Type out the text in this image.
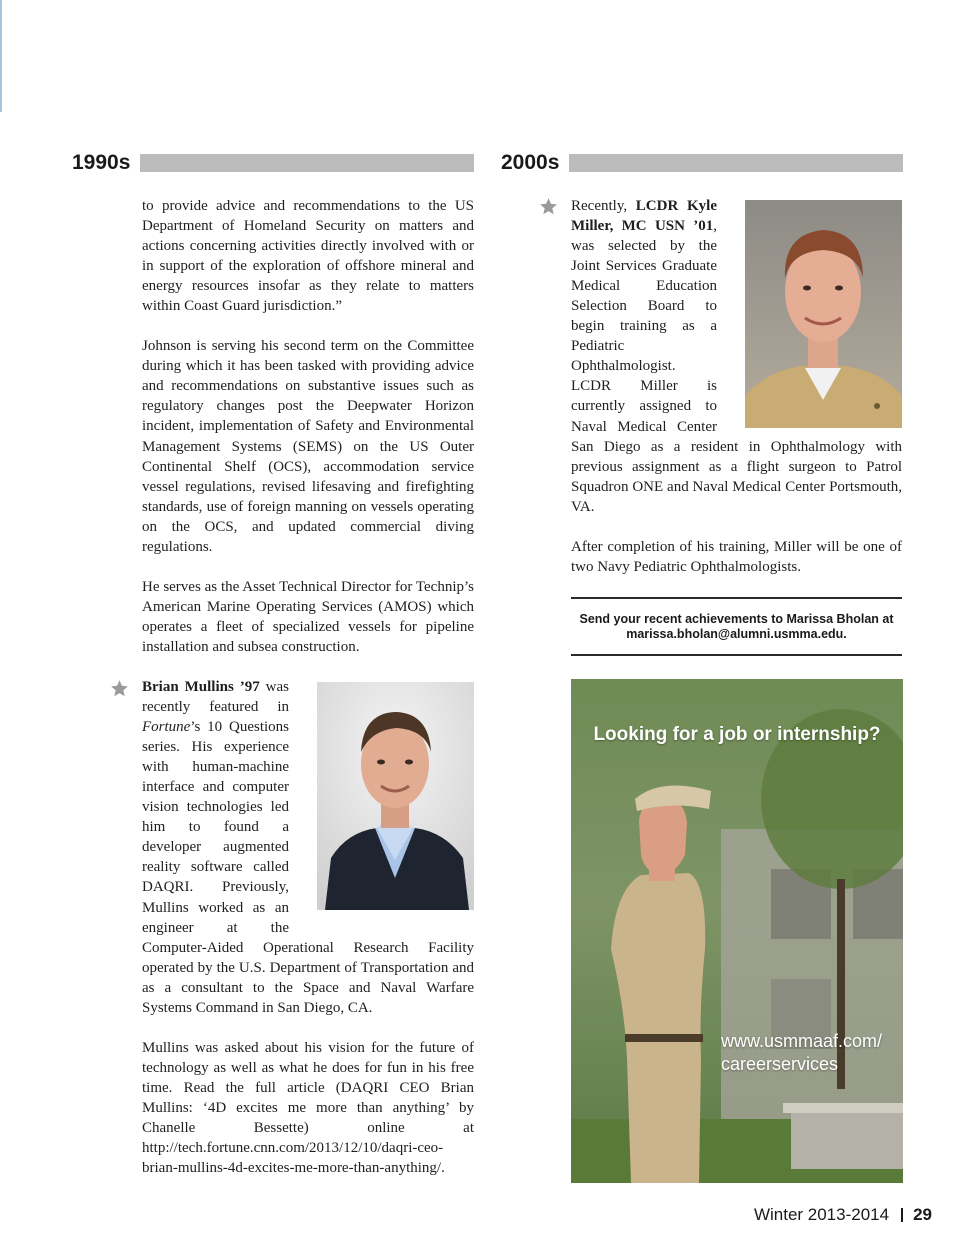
1990s	2000s

to provide advice and recommendations to the US Department of Homeland Security on matters and actions concerning activities directly involved with or in support of the exploration of offshore mineral and energy resources insofar as they relate to matters within Coast Guard jurisdiction.”

Johnson is serving his second term on the Committee during which it has been tasked with providing advice and recommendations on substantive issues such as regulatory changes post the Deepwater Horizon incident, implementation of Safety and Environmental Management Systems (SEMS) on the US Outer Continental Shelf (OCS), accommodation service vessel regulations, revised lifesaving and firefighting standards, use of foreign manning on vessels operating on the OCS, and updated commercial diving regulations.

He serves as the Asset Technical Director for Technip’s American Marine Operating Services (AMOS) which operates a fleet of specialized vessels for pipeline installation and subsea construction.

Brian Mullins ’97 was recently featured in Fortune’s 10 Questions series. His experience with human-machine interface and computer vision technologies led him to found a developer augmented reality software called DAQRI. Previously, Mullins worked as an engineer at the Computer-Aided Operational Research Facility operated by the U.S. Department of Transportation and as a consultant to the Space and Naval Warfare Systems Command in San Diego, CA.

Mullins was asked about his vision for the future of technology as well as what he does for fun in his free time. Read the full article (DAQRI CEO Brian Mullins: ‘4D excites me more than anything’ by Chanelle Bessette) online at http://tech.fortune.cnn.com/2013/12/10/daqri-ceo-brian-mullins-4d-excites-me-more-than-anything/.

Recently, LCDR Kyle Miller, MC USN ’01, was selected by the Joint Services Graduate Medical Education Selection Board to begin training as a Pediatric Ophthalmologist. LCDR Miller is currently assigned to Naval Medical Center San Diego as a resident in Ophthalmology with previous assignment as a flight surgeon to Patrol Squadron ONE and Naval Medical Center Portsmouth, VA.

After completion of his training, Miller will be one of two Navy Pediatric Ophthalmologists.

Send your recent achievements to Marissa Bholan at
marissa.bholan@alumni.usmma.edu.
Looking for a job or internship?
www.usmmaaf.com/
careerservices
Winter 2013-2014 29
